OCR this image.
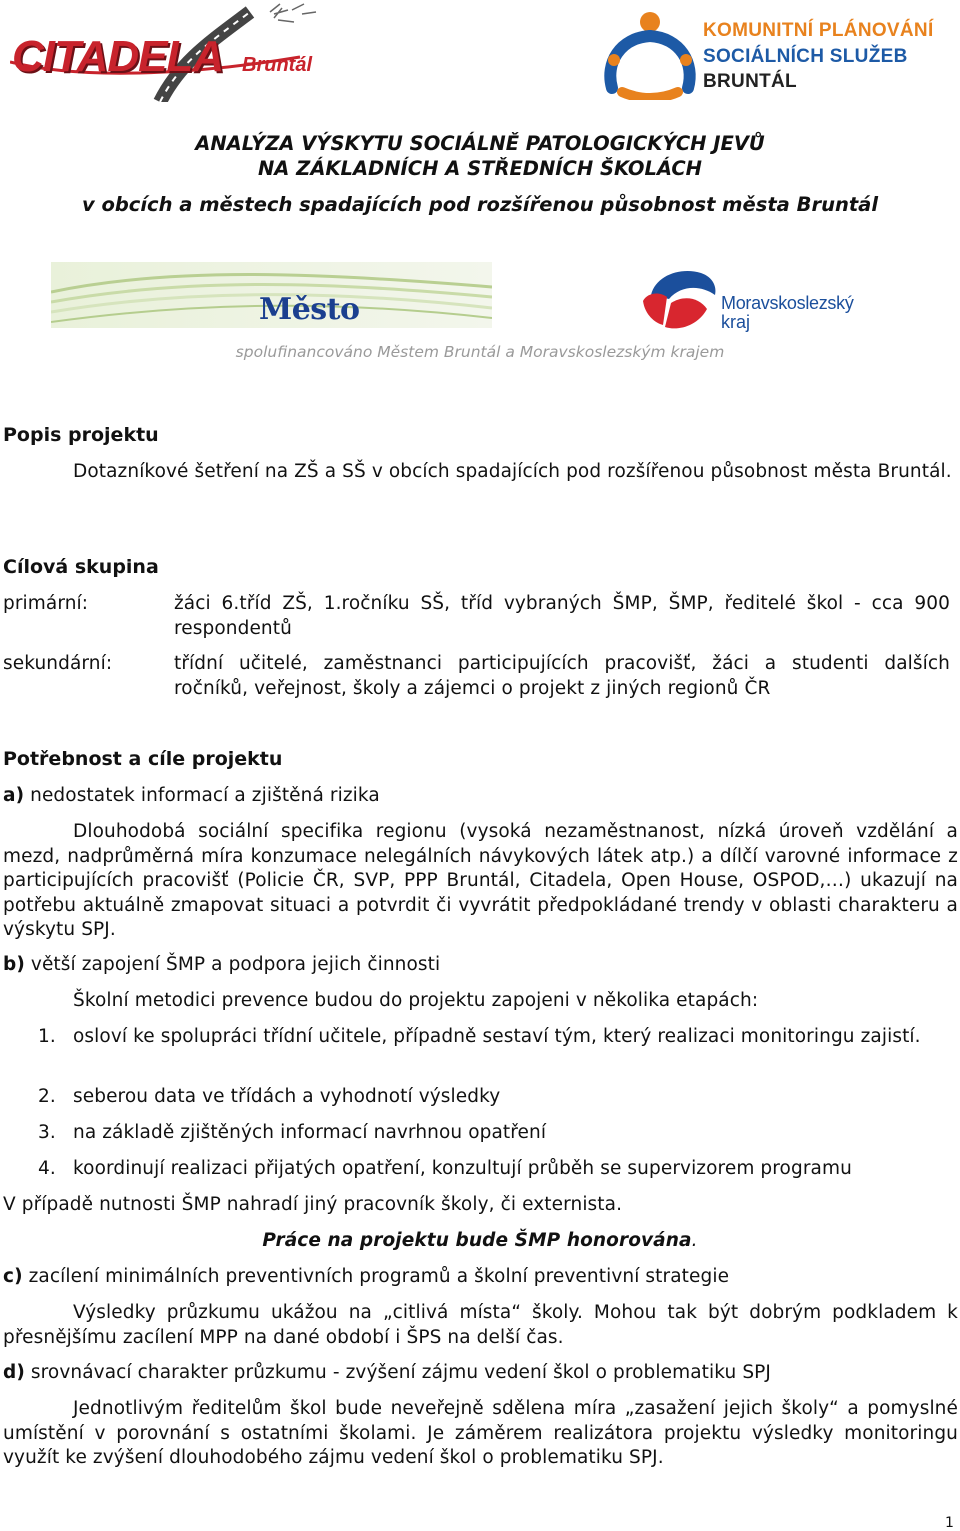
CITADELA Bruntál
KOMUNITNÍ PLÁNOVÁNÍ
SOCIÁLNÍCH SLUŽEB
BRUNTÁL
ANALÝZA VÝSKYTU SOCIÁLNĚ PATOLOGICKÝCH JEVŮ
NA ZÁKLADNÍCH A STŘEDNÍCH ŠKOLÁCH
v obcích a městech spadajících pod rozšířenou působnost města Bruntál
Město	Moravskoslezský
kraj
spolufinancováno Městem Bruntál a Moravskoslezským krajem
Popis projektu
Dotazníkové šetření na ZŠ a SŠ v obcích spadajících pod rozšířenou působnost města Bruntál.
Cílová skupina
primární:	žáci 6.tříd ZŠ, 1.ročníku SŠ, tříd vybraných ŠMP, ŠMP, ředitelé škol - cca 900 respondentů
sekundární:	třídní učitelé, zaměstnanci participujících pracovišť, žáci a studenti dalších ročníků, veřejnost, školy a zájemci o projekt z jiných regionů ČR
Potřebnost a cíle projektu
a) nedostatek informací a zjištěná rizika
Dlouhodobá sociální specifika regionu (vysoká nezaměstnanost, nízká úroveň vzdělání a mezd, nadprůměrná míra konzumace nelegálních návykových látek atp.) a dílčí varovné informace z participujících pracovišť (Policie ČR, SVP, PPP Bruntál, Citadela, Open House, OSPOD,…) ukazují na potřebu aktuálně zmapovat situaci a potvrdit či vyvrátit předpokládané trendy v oblasti charakteru a výskytu SPJ.
b) větší zapojení ŠMP a podpora jejich činnosti
Školní metodici prevence budou do projektu zapojeni v několika etapách:
1. osloví ke spolupráci třídní učitele, případně sestaví tým, který realizaci monitoringu zajistí.
2. seberou data ve třídách a vyhodnotí výsledky
3. na základě zjištěných informací navrhnou opatření
4. koordinují realizaci přijatých opatření, konzultují průběh se supervizorem programu
V případě nutnosti ŠMP nahradí jiný pracovník školy, či externista.
Práce na projektu bude ŠMP honorována.
c) zacílení minimálních preventivních programů a školní preventivní strategie
Výsledky průzkumu ukážou na „citlivá místa“ školy. Mohou tak být dobrým podkladem k přesnějšímu zacílení MPP na dané období i ŠPS na delší čas.
d) srovnávací charakter průzkumu - zvýšení zájmu vedení škol o problematiku SPJ
Jednotlivým ředitelům škol bude neveřejně sdělena míra „zasažení jejich školy“ a pomyslné umístění v porovnání s ostatními školami. Je záměrem realizátora projektu výsledky monitoringu využít ke zvýšení dlouhodobého zájmu vedení škol o problematiku SPJ.
1
